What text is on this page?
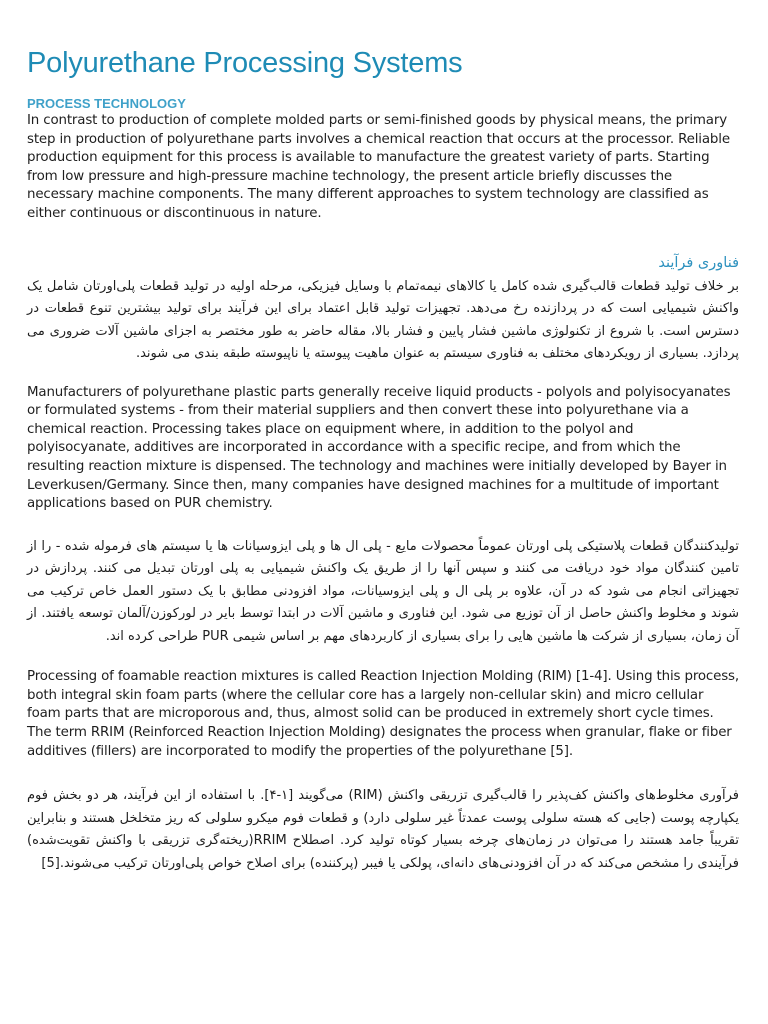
Polyurethane Processing Systems
PROCESS TECHNOLOGY

In contrast to production of complete molded parts or semi-finished goods by physical means, the primary step in production of polyurethane parts involves a chemical reaction that occurs at the processor. Reliable production equipment for this process is available to manufacture the greatest variety of parts. Starting from low pressure and high-pressure machine technology, the present article briefly discusses the necessary machine components. The many different approaches to system technology are classified as either continuous or discontinuous in nature.

فناوری فرآیند

بر خلاف تولید قطعات قالب‌گیری شده کامل یا کالاهای نیمه‌تمام با وسایل فیزیکی، مرحله اولیه در تولید قطعات پلی‌اورتان شامل یک واکنش شیمیایی است که در پردازنده رخ می‌دهد. تجهیزات تولید قابل اعتماد برای این فرآیند برای تولید بیشترین تنوع قطعات در دسترس است. با شروع از تکنولوژی ماشین فشار پایین و فشار بالا، مقاله حاضر به طور مختصر به اجزای ماشین آلات ضروری می پردازد. بسیاری از رویکردهای مختلف به فناوری سیستم به عنوان ماهیت پیوسته یا ناپیوسته طبقه بندی می شوند.

Manufacturers of polyurethane plastic parts generally receive liquid products - polyols and polyisocyanates or formulated systems - from their material suppliers and then convert these into polyurethane via a chemical reaction. Processing takes place on equipment where, in addition to the polyol and polyisocyanate, additives are incorporated in accordance with a specific recipe, and from which the resulting reaction mixture is dispensed. The technology and machines were initially developed by Bayer in Leverkusen/Germany. Since then, many companies have designed machines for a multitude of important applications based on PUR chemistry.

تولیدکنندگان قطعات پلاستیکی پلی اورتان عموماً محصولات مایع - پلی ال ها و پلی ایزوسیانات ها یا سیستم های فرموله شده - را از تامین کنندگان مواد خود دریافت می کنند و سپس آنها را از طریق یک واکنش شیمیایی به پلی اورتان تبدیل می کنند. پردازش در تجهیزاتی انجام می شود که در آن، علاوه بر پلی ال و پلی ایزوسیانات، مواد افزودنی مطابق با یک دستور العمل خاص ترکیب می شوند و مخلوط واکنش حاصل از آن توزیع می شود. این فناوری و ماشین آلات در ابتدا توسط بایر در لورکوزن/آلمان توسعه یافتند. از آن زمان، بسیاری از شرکت ها ماشین هایی را برای بسیاری از کاربردهای مهم بر اساس شیمی PUR طراحی کرده اند.

Processing of foamable reaction mixtures is called Reaction Injection Molding (RIM) [1-4]. Using this process, both integral skin foam parts (where the cellular core has a largely non-cellular skin) and micro cellular foam parts that are microporous and, thus, almost solid can be produced in extremely short cycle times. The term RRIM (Reinforced Reaction Injection Molding) designates the process when granular, flake or fiber additives (fillers) are incorporated to modify the properties of the polyurethane [5].

فرآوری مخلوط‌های واکنش کف‌پذیر را قالب‌گیری تزریقی واکنش (RIM) می‌گویند [۱-۴]. با استفاده از این فرآیند، هر دو بخش فوم یکپارچه پوست (جایی که هسته سلولی پوست عمدتاً غیر سلولی دارد) و قطعات فوم میکرو سلولی که ریز متخلخل هستند و بنابراین تقریباً جامد هستند را می‌توان در زمان‌های چرخه بسیار کوتاه تولید کرد. اصطلاح RRIM(ریخته‌گری تزریقی با واکنش تقویت‌شده) فرآیندی را مشخص می‌کند که در آن افزودنی‌های دانه‌ای، پولکی یا فیبر (پرکننده) برای اصلاح خواص پلی‌اورتان ترکیب می‌شوند.[5]
